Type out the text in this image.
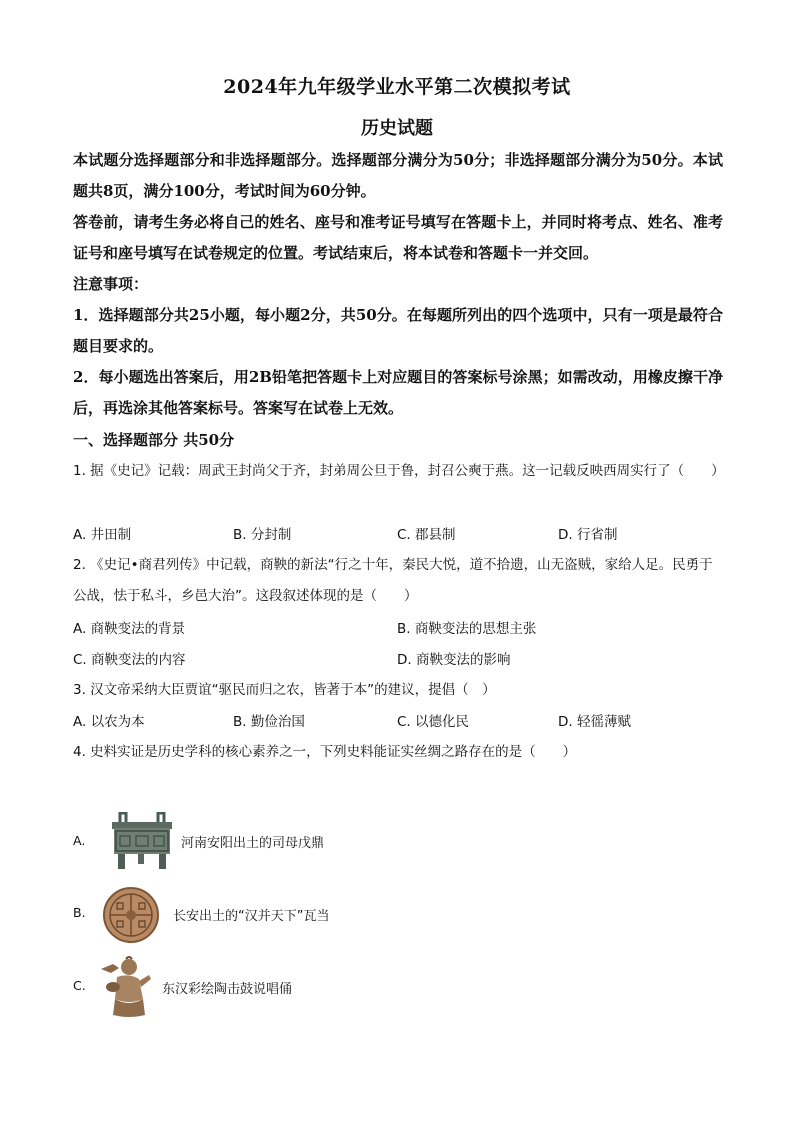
2024年九年级学业水平第二次模拟考试
历史试题
本试题分选择题部分和非选择题部分。选择题部分满分为50分；非选择题部分满分为50分。本试题共8页，满分100分，考试时间为60分钟。
答卷前，请考生务必将自己的姓名、座号和准考证号填写在答题卡上，并同时将考点、姓名、准考证号和座号填写在试卷规定的位置。考试结束后，将本试卷和答题卡一并交回。
注意事项：
1．选择题部分共25小题，每小题2分，共50分。在每题所列出的四个选项中，只有一项是最符合题目要求的。
2．每小题选出答案后，用2B铅笔把答题卡上对应题目的答案标号涂黑；如需改动，用橡皮擦干净后，再选涂其他答案标号。答案写在试卷上无效。
一、选择题部分 共50分
1. 据《史记》记载：周武王封尚父于齐，封弟周公旦于鲁，封召公奭于燕。这一记载反映西周实行了（　　）
A. 井田制	B. 分封制	C. 郡县制	D. 行省制
2. 《史记•商君列传》中记载，商鞅的新法“行之十年，秦民大悦，道不拾遗，山无盗贼，家给人足。民勇于公战，怯于私斗，乡邑大治”。这段叙述体现的是（　　）
A. 商鞅变法的背景	B. 商鞅变法的思想主张
C. 商鞅变法的内容	D. 商鞅变法的影响
3. 汉文帝采纳大臣贾谊“驱民而归之农，皆著于本”的建议，提倡（　）
A. 以农为本	B. 勤俭治国	C. 以德化民	D. 轻徭薄赋
4. 史料实证是历史学科的核心素养之一，下列史料能证实丝绸之路存在的是（　　）
A.	河南安阳出土的司母戊鼎
B.	长安出土的“汉并天下”瓦当
C.	东汉彩绘陶击鼓说唱俑
